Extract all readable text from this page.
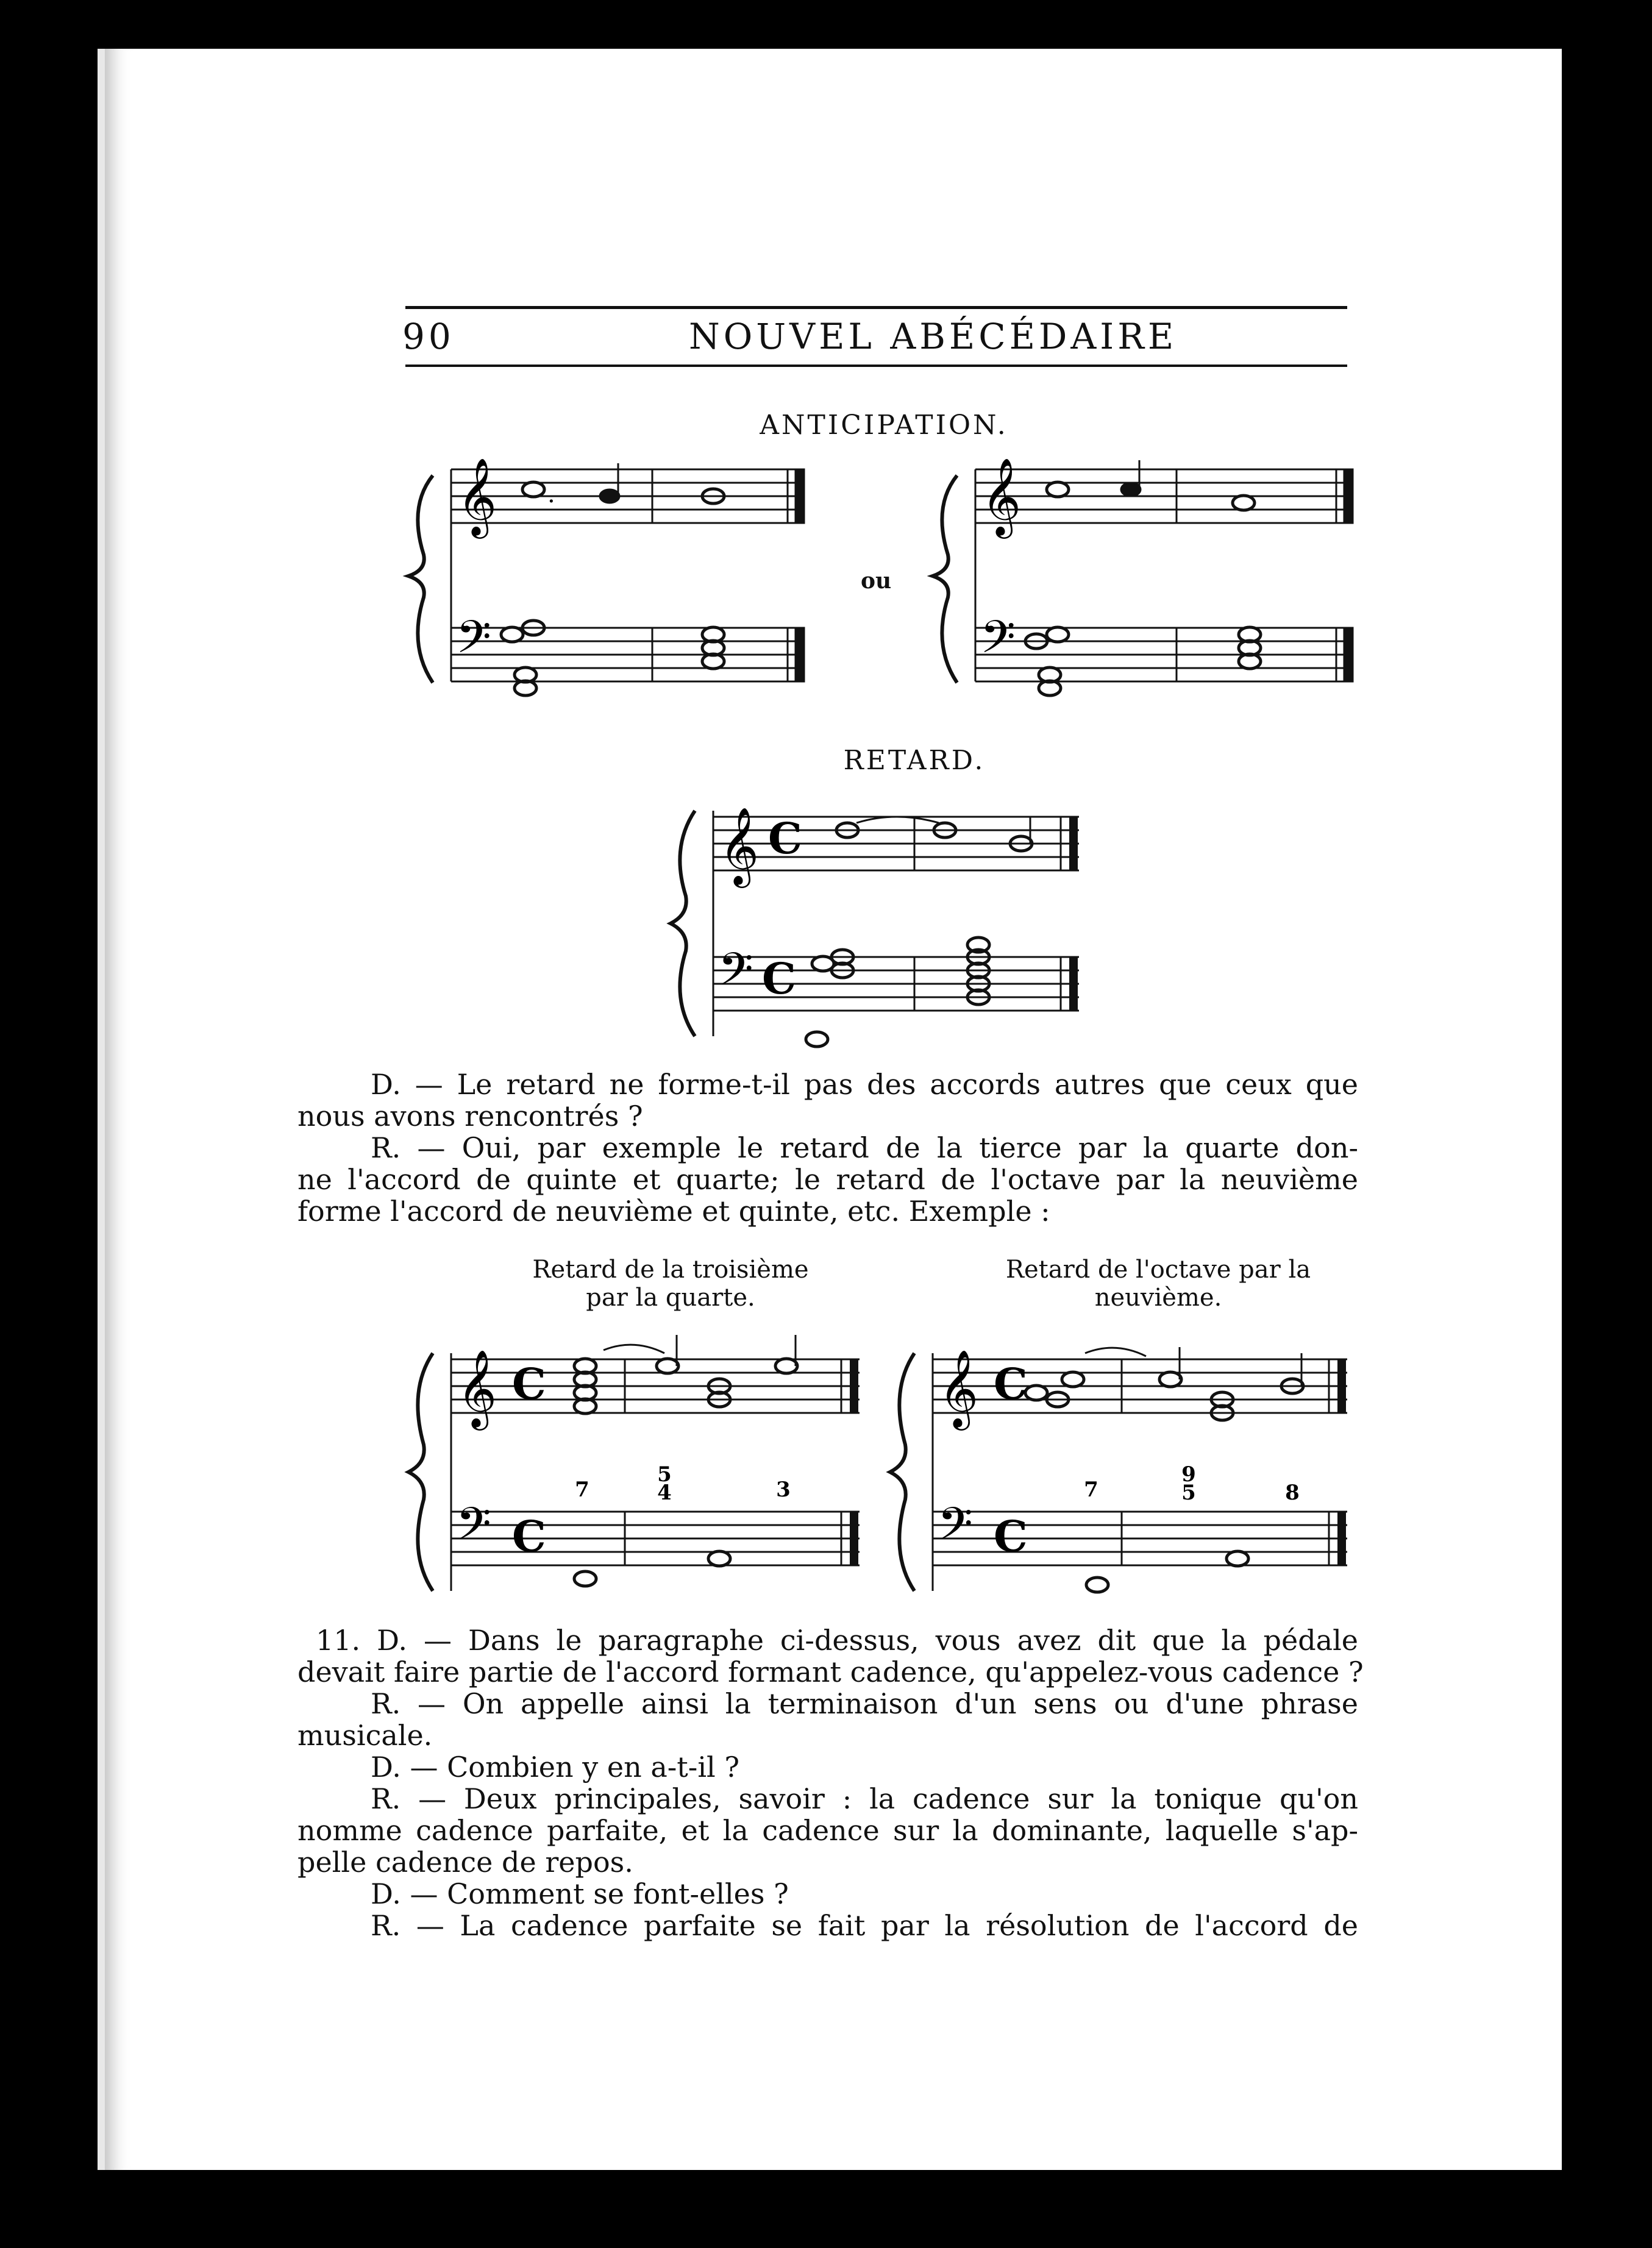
90	NOUVEL ABÉCÉDAIRE
ANTICIPATION.
𝄞
𝄢
𝄞
𝄢
.
ou
RETARD.
𝄞
𝄢
C
C

D. — Le retard ne forme-t-il pas des accords autres que ceux que

nous avons rencontrés ?

R. — Oui, par exemple le retard de la tierce par la quarte don-

ne l'accord de quinte et quarte; le retard de l'octave par la neuvième

forme l'accord de neuvième et quinte, etc. Exemple :

Retard de la troisième
par la quarte.
Retard de l'octave par la
neuvième.
𝄞
𝄢
C
C
𝄞
𝄢
C
C
7
5
4	3	7
9
5	8

11. D. — Dans le paragraphe ci-dessus, vous avez dit que la pédale

devait faire partie de l'accord formant cadence, qu'appelez-vous cadence ?

R. — On appelle ainsi la terminaison d'un sens ou d'une phrase

musicale.

D. — Combien y en a-t-il ?

R. — Deux principales, savoir : la cadence sur la tonique qu'on

nomme cadence parfaite, et la cadence sur la dominante, laquelle s'ap-

pelle cadence de repos.

D. — Comment se font-elles ?

R. — La cadence parfaite se fait par la résolution de l'accord de
